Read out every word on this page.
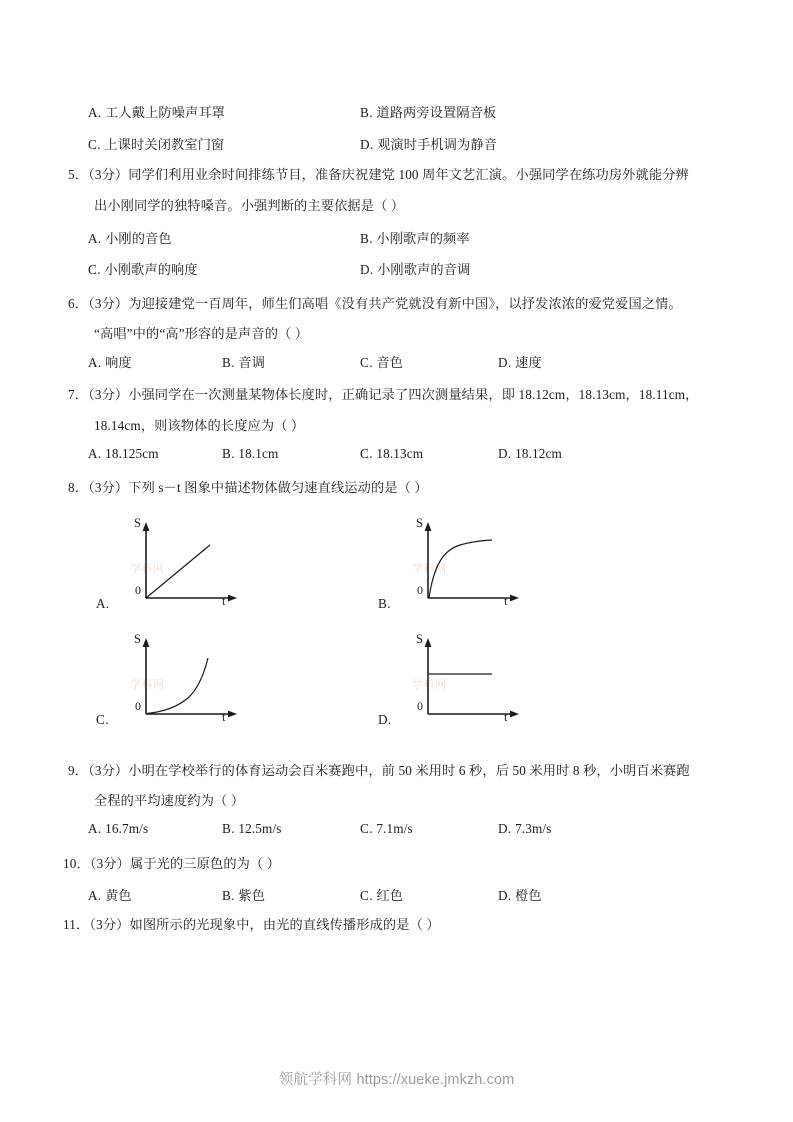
A. 工人戴上防噪声耳罩	B. 道路两旁设置隔音板
C. 上课时关闭教室门窗	D. 观演时手机调为静音
5．（3分）同学们利用业余时间排练节目，准备庆祝建党 100 周年文艺汇演。小强同学在练功房外就能分辨
出小刚同学的独特嗓音。小强判断的主要依据是（ ）
A. 小刚的音色	B. 小刚歌声的频率
C. 小刚歌声的响度	D. 小刚歌声的音调
6．（3分）为迎接建党一百周年，师生们高唱《没有共产党就没有新中国》，以抒发浓浓的爱党爱国之情。
“高唱”中的“高”形容的是声音的（ ）
A. 响度	B. 音调	C. 音色	D. 速度
7．（3分）小强同学在一次测量某物体长度时，正确记录了四次测量结果，即 18.12cm，18.13cm，18.11cm，
18.14cm，则该物体的长度应为（ ）
A. 18.125cm	B. 18.1cm	C. 18.13cm	D. 18.12cm
8．（3分）下列 s－t 图象中描述物体做匀速直线运动的是（ ）
学科网
S
t
0
A.
学科网
S
t
0
B.
学科网
S
t
0
C.
学科网
S
t
0
D.
9．（3分）小明在学校举行的体育运动会百米赛跑中，前 50 米用时 6 秒，后 50 米用时 8 秒，小明百米赛跑
全程的平均速度约为（ ）
A. 16.7m/s	B. 12.5m/s	C. 7.1m/s	D. 7.3m/s
10．（3分）属于光的三原色的为（ ）
A. 黄色	B. 紫色	C. 红色	D. 橙色
11．（3分）如图所示的光现象中，由光的直线传播形成的是（ ）
领航学科网 https://xueke.jmkzh.com
